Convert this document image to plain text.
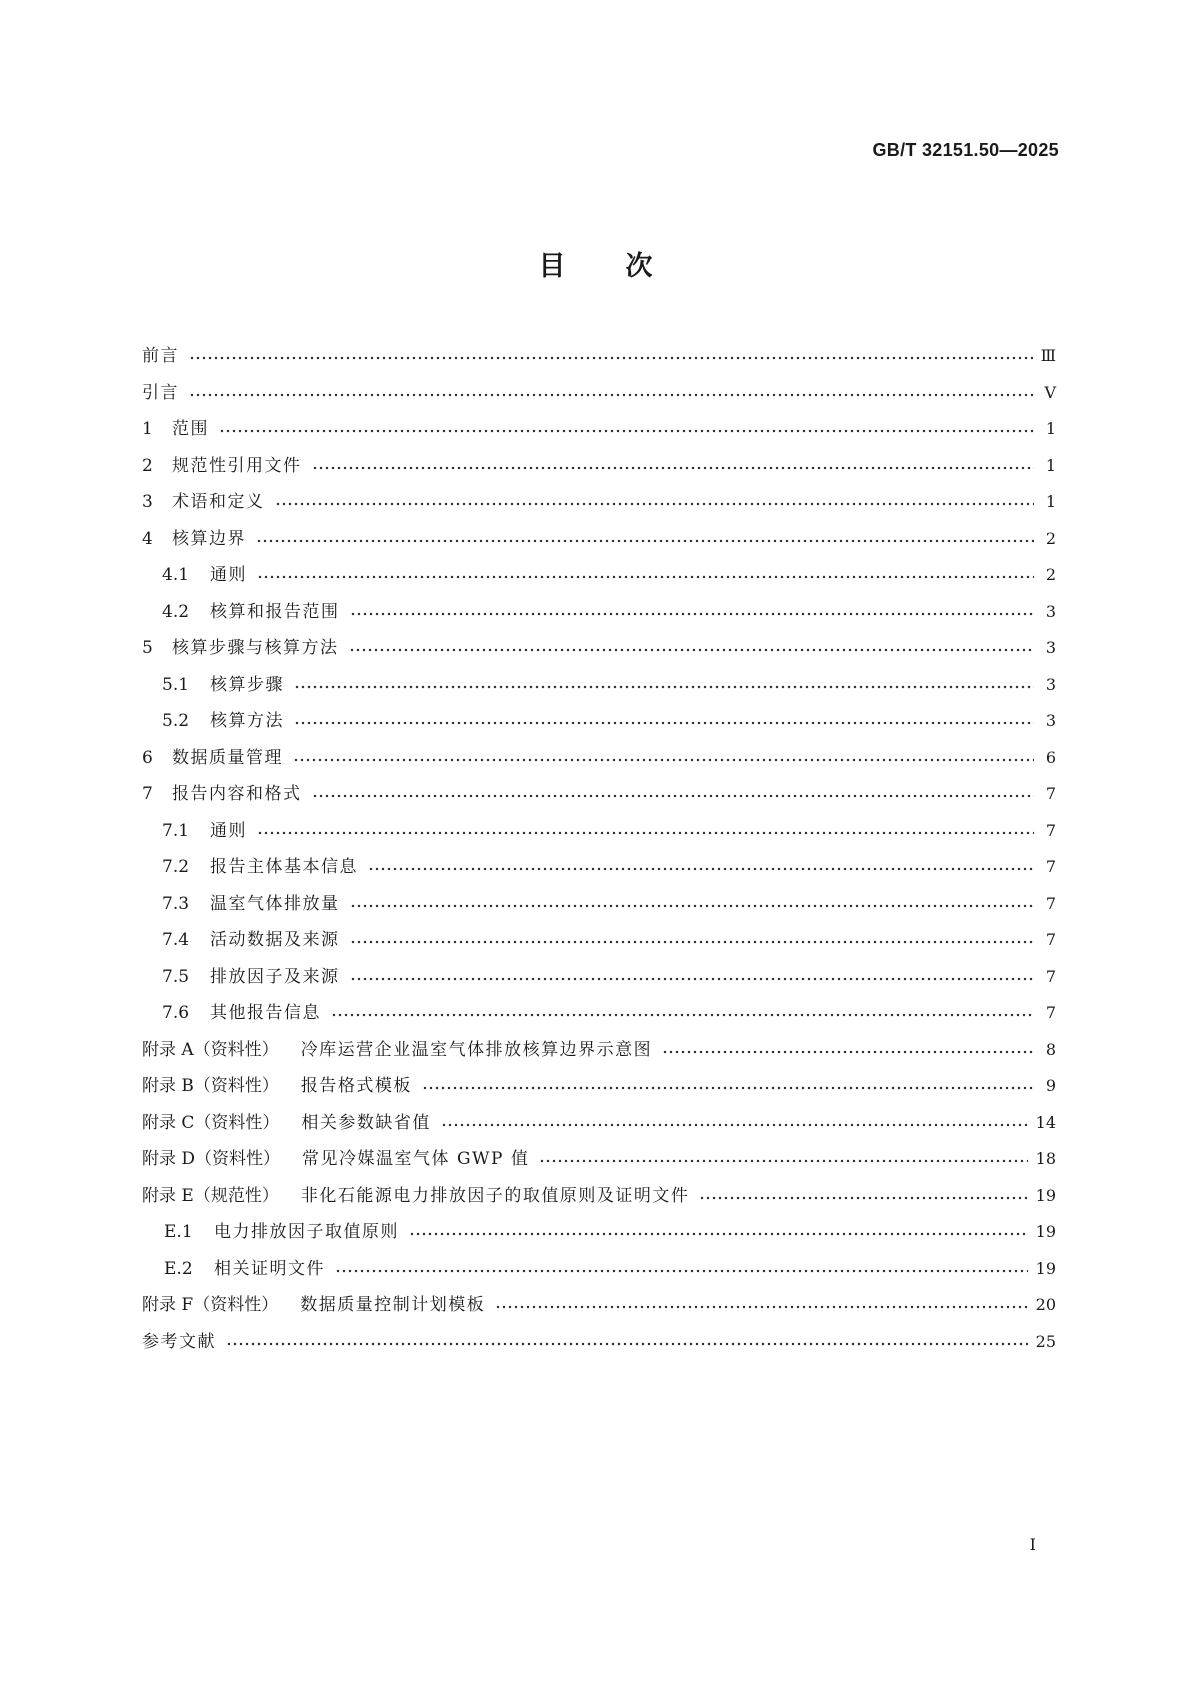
GB/T 32151.50—2025
目次
前言	Ⅲ
引言	Ⅴ
1	范围	1
2	规范性引用文件	1
3	术语和定义	1
4	核算边界	2
4.1	通则	2
4.2	核算和报告范围	3
5	核算步骤与核算方法	3
5.1	核算步骤	3
5.2	核算方法	3
6	数据质量管理	6
7	报告内容和格式	7
7.1	通则	7
7.2	报告主体基本信息	7
7.3	温室气体排放量	7
7.4	活动数据及来源	7
7.5	排放因子及来源	7
7.6	其他报告信息	7
附录 A（资料性）	冷库运营企业温室气体排放核算边界示意图	8
附录 B（资料性）	报告格式模板	9
附录 C（资料性）	相关参数缺省值	14
附录 D（资料性）	常见冷媒温室气体 GWP 值	18
附录 E（规范性）	非化石能源电力排放因子的取值原则及证明文件	19
E.1	电力排放因子取值原则	19
E.2	相关证明文件	19
附录 F（资料性）	数据质量控制计划模板	20
参考文献	25
Ⅰ
